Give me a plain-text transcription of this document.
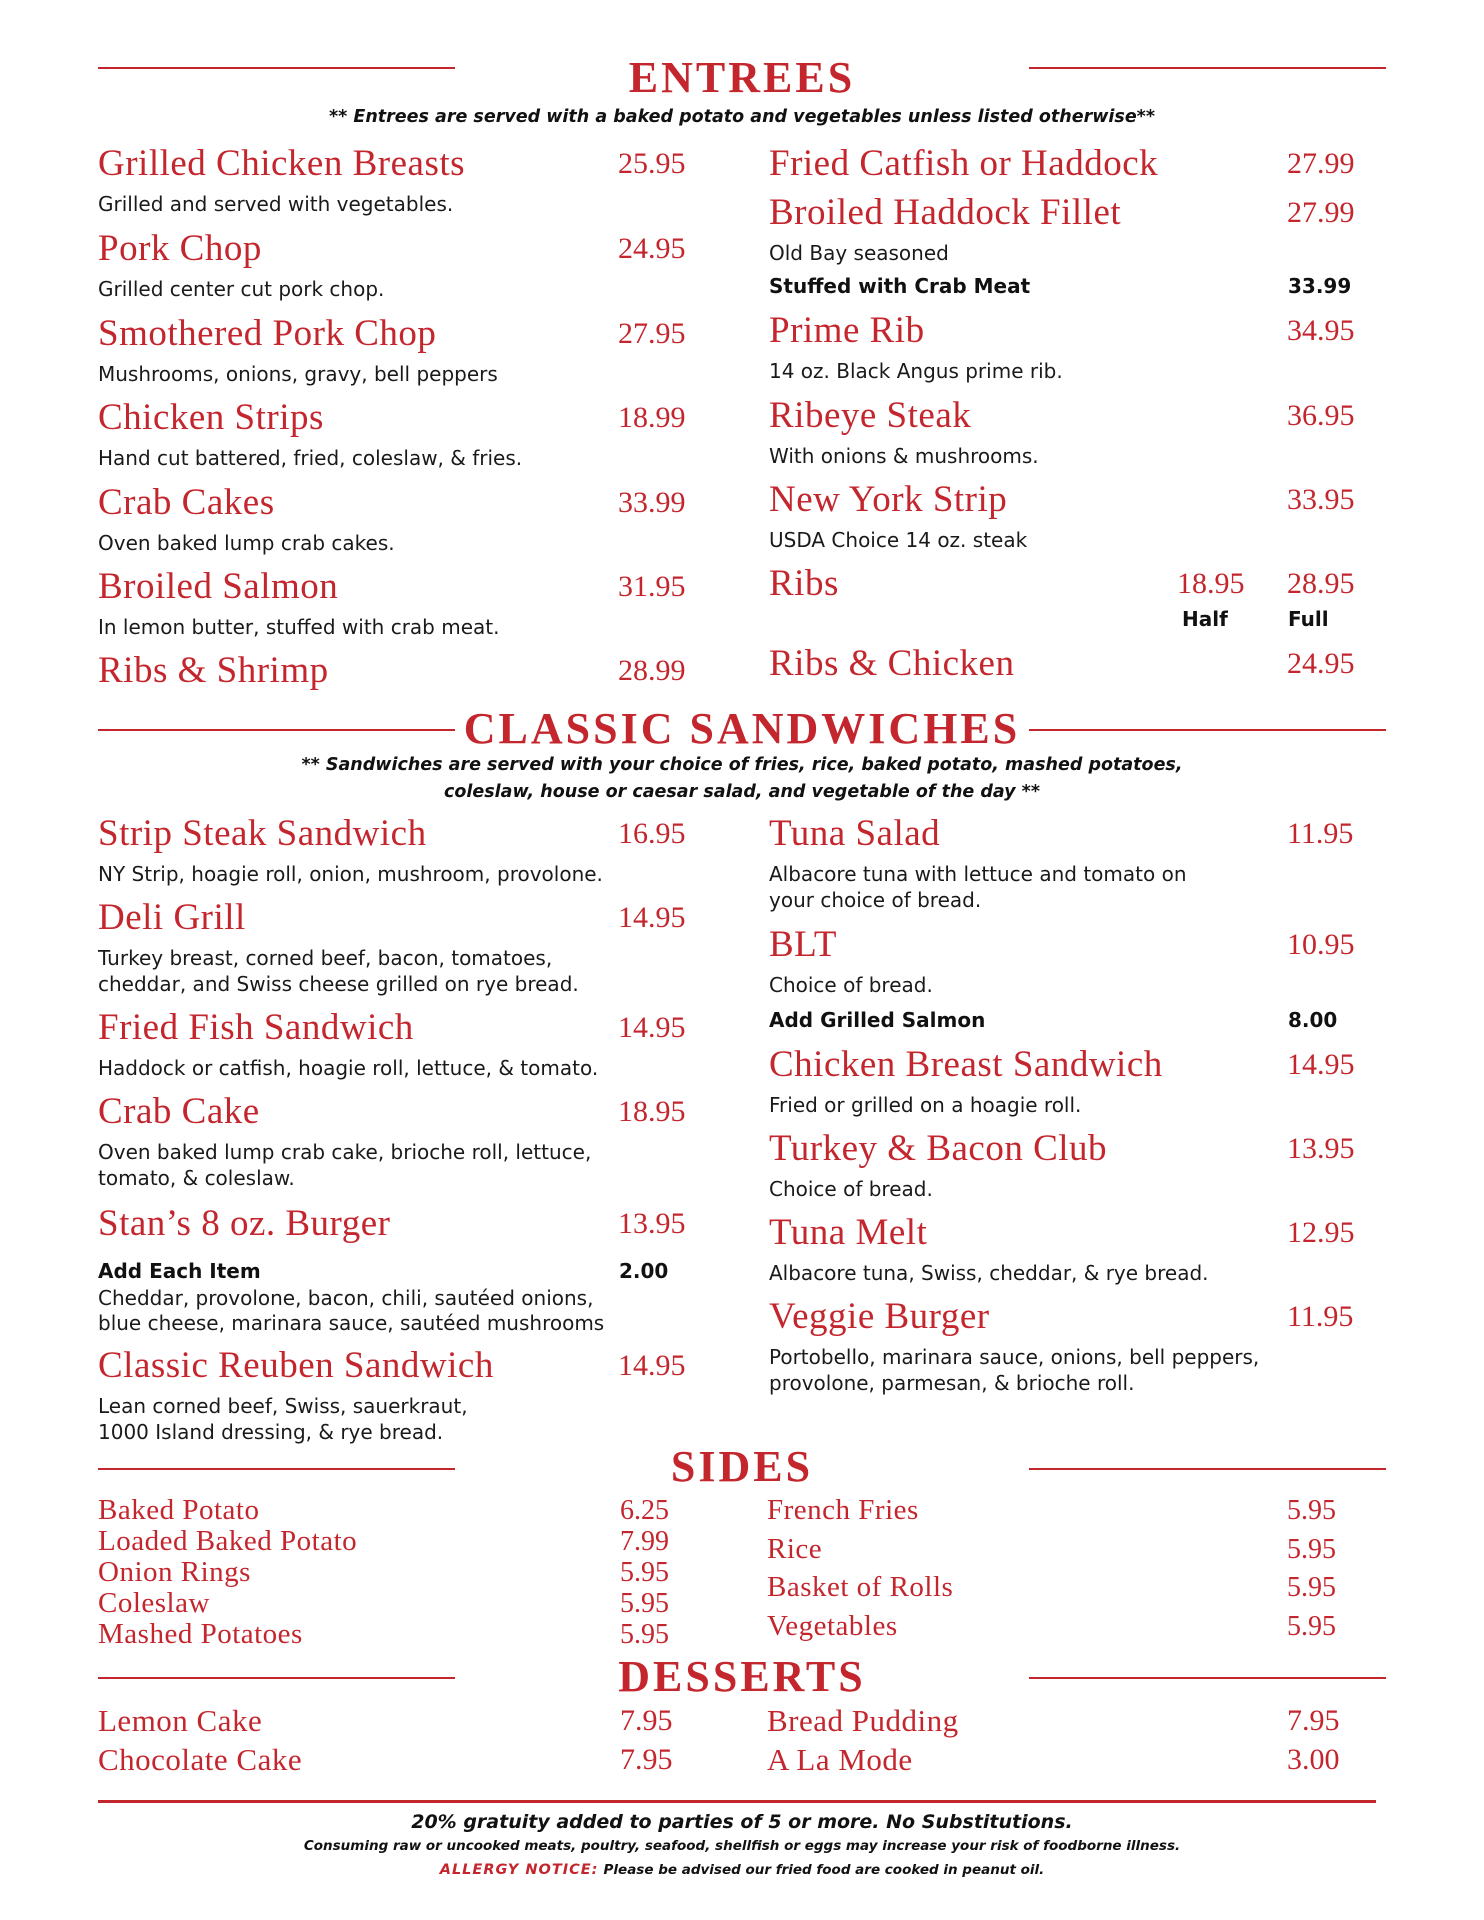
ENTREES
** Entrees are served with a baked potato and vegetables unless listed otherwise**
Grilled Chicken Breasts	25.95
Grilled and served with vegetables.
Pork Chop	24.95
Grilled center cut pork chop.
Smothered Pork Chop	27.95
Mushrooms, onions, gravy, bell peppers
Chicken Strips	18.99
Hand cut battered, fried, coleslaw, & fries.
Crab Cakes	33.99
Oven baked lump crab cakes.
Broiled Salmon	31.95
In lemon butter, stuffed with crab meat.
Ribs & Shrimp	28.99
Fried Catfish or Haddock	27.99
Broiled Haddock Fillet	27.99
Old Bay seasoned
Stuffed with Crab Meat	33.99
Prime Rib	34.95
14 oz. Black Angus prime rib.
Ribeye Steak	36.95
With onions & mushrooms.
New York Strip	33.95
USDA Choice 14 oz. steak
Ribs	18.95 28.95
Half	Full
Ribs & Chicken	24.95
CLASSIC SANDWICHES
** Sandwiches are served with your choice of fries, rice, baked potato, mashed potatoes,
coleslaw, house or caesar salad, and vegetable of the day **
Strip Steak Sandwich	16.95
NY Strip, hoagie roll, onion, mushroom, provolone.
Deli Grill	14.95
Turkey breast, corned beef, bacon, tomatoes,
cheddar, and Swiss cheese grilled on rye bread.
Fried Fish Sandwich	14.95
Haddock or catfish, hoagie roll, lettuce, & tomato.
Crab Cake	18.95
Oven baked lump crab cake, brioche roll, lettuce,
tomato, & coleslaw.
Stan’s 8 oz. Burger	13.95
Add Each Item	2.00
Cheddar, provolone, bacon, chili, sautéed onions,
blue cheese, marinara sauce, sautéed mushrooms
Classic Reuben Sandwich	14.95
Lean corned beef, Swiss, sauerkraut,
1000 Island dressing, & rye bread.
Tuna Salad	11.95
Albacore tuna with lettuce and tomato on
your choice of bread.
BLT	10.95
Choice of bread.
Add Grilled Salmon	8.00
Chicken Breast Sandwich	14.95
Fried or grilled on a hoagie roll.
Turkey & Bacon Club	13.95
Choice of bread.
Tuna Melt	12.95
Albacore tuna, Swiss, cheddar, & rye bread.
Veggie Burger	11.95
Portobello, marinara sauce, onions, bell peppers,
provolone, parmesan, & brioche roll.
SIDES
Baked Potato	6.25
Loaded Baked Potato	7.99
Onion Rings	5.95
Coleslaw	5.95
Mashed Potatoes	5.95
French Fries	5.95
Rice	5.95
Basket of Rolls	5.95
Vegetables	5.95
DESSERTS
Lemon Cake	7.95
Chocolate Cake	7.95
Bread Pudding	7.95
A La Mode	3.00
20% gratuity added to parties of 5 or more. No Substitutions.
Consuming raw or uncooked meats, poultry, seafood, shellfish or eggs may increase your risk of foodborne illness.
ALLERGY NOTICE: Please be advised our fried food are cooked in peanut oil.
